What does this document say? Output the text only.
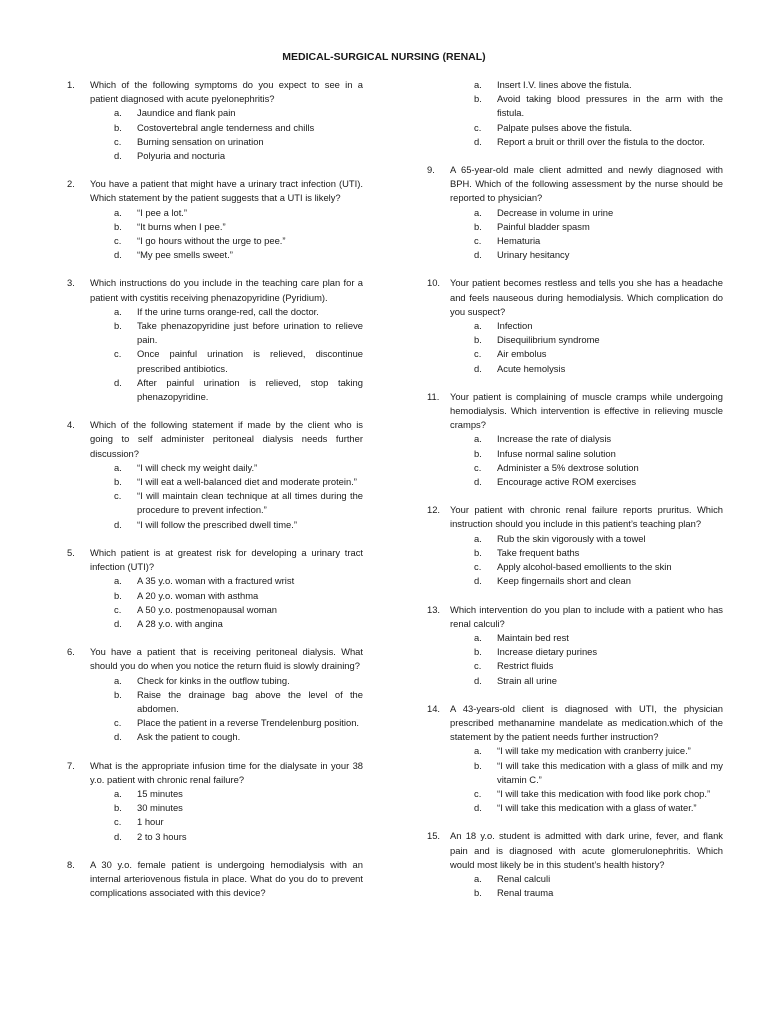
MEDICAL-SURGICAL NURSING (RENAL)
1. Which of the following symptoms do you expect to see in a patient diagnosed with acute pyelonephritis?
a. Jaundice and flank pain
b. Costovertebral angle tenderness and chills
c. Burning sensation on urination
d. Polyuria and nocturia
2. You have a patient that might have a urinary tract infection (UTI). Which statement by the patient suggests that a UTI is likely?
a. “I pee a lot.”
b. “It burns when I pee.”
c. “I go hours without the urge to pee.”
d. “My pee smells sweet.”
3. Which instructions do you include in the teaching care plan for a patient with cystitis receiving phenazopyridine (Pyridium).
a. If the urine turns orange-red, call the doctor.
b. Take phenazopyridine just before urination to relieve pain.
c. Once painful urination is relieved, discontinue prescribed antibiotics.
d. After painful urination is relieved, stop taking phenazopyridine.
4. Which of the following statement if made by the client who is going to self administer peritoneal dialysis needs further discussion?
a. “I will check my weight daily.”
b. “I will eat a well-balanced diet and moderate protein.”
c. “I will maintain clean technique at all times during the procedure to prevent infection.”
d. “I will follow the prescribed dwell time.”
5. Which patient is at greatest risk for developing a urinary tract infection (UTI)?
a. A 35 y.o. woman with a fractured wrist
b. A 20 y.o. woman with asthma
c. A 50 y.o. postmenopausal woman
d. A 28 y.o. with angina
6. You have a patient that is receiving peritoneal dialysis. What should you do when you notice the return fluid is slowly draining?
a. Check for kinks in the outflow tubing.
b. Raise the drainage bag above the level of the abdomen.
c. Place the patient in a reverse Trendelenburg position.
d. Ask the patient to cough.
7. What is the appropriate infusion time for the dialysate in your 38 y.o. patient with chronic renal failure?
a. 15 minutes
b. 30 minutes
c. 1 hour
d. 2 to 3 hours
8. A 30 y.o. female patient is undergoing hemodialysis with an internal arteriovenous fistula in place. What do you do to prevent complications associated with this device?
a. Insert I.V. lines above the fistula.
b. Avoid taking blood pressures in the arm with the fistula.
c. Palpate pulses above the fistula.
d. Report a bruit or thrill over the fistula to the doctor.
9. A 65-year-old male client admitted and newly diagnosed with BPH. Which of the following assessment by the nurse should be reported to physician?
a. Decrease in volume in urine
b. Painful bladder spasm
c. Hematuria
d. Urinary hesitancy
10. Your patient becomes restless and tells you she has a headache and feels nauseous during hemodialysis. Which complication do you suspect?
a. Infection
b. Disequilibrium syndrome
c. Air embolus
d. Acute hemolysis
11. Your patient is complaining of muscle cramps while undergoing hemodialysis. Which intervention is effective in relieving muscle cramps?
a. Increase the rate of dialysis
b. Infuse normal saline solution
c. Administer a 5% dextrose solution
d. Encourage active ROM exercises
12. Your patient with chronic renal failure reports pruritus. Which instruction should you include in this patient’s teaching plan?
a. Rub the skin vigorously with a towel
b. Take frequent baths
c. Apply alcohol-based emollients to the skin
d. Keep fingernails short and clean
13. Which intervention do you plan to include with a patient who has renal calculi?
a. Maintain bed rest
b. Increase dietary purines
c. Restrict fluids
d. Strain all urine
14. A 43-years-old client is diagnosed with UTI, the physician prescribed methanamine mandelate as medication.which of the statement by the patient needs further instruction?
a. “I will take my medication with cranberry juice.”
b. “I will take this medication with a glass of milk and my vitamin C.”
c. “I will take this medication with food like pork chop.”
d. “I will take this medication with a glass of water.”
15. An 18 y.o. student is admitted with dark urine, fever, and flank pain and is diagnosed with acute glomerulonephritis. Which would most likely be in this student’s health history?
a. Renal calculi
b. Renal trauma
